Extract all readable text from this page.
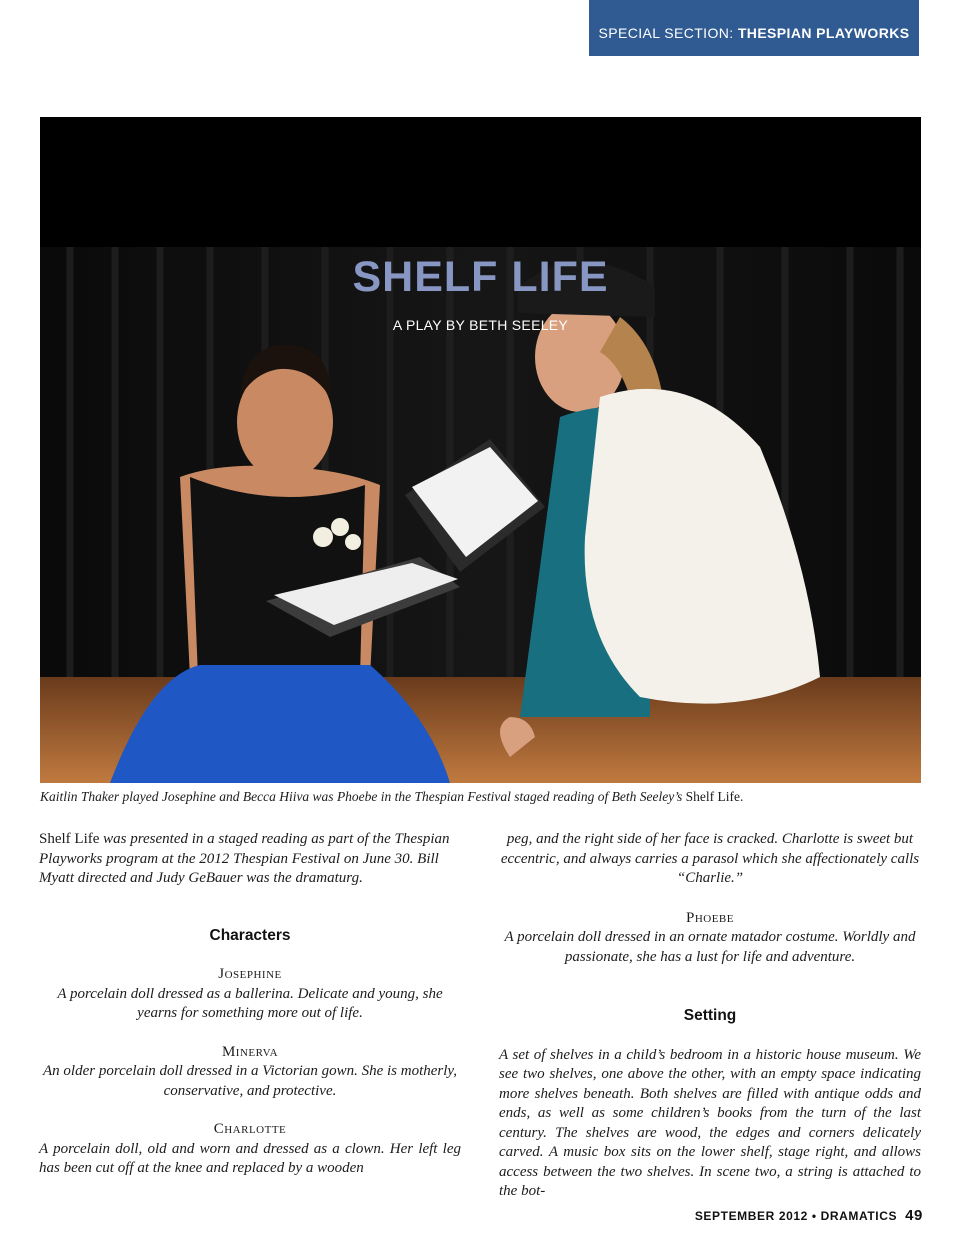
SPECIAL SECTION: THESPIAN PLAYWORKS
SHELF LIFE
A PLAY BY BETH SEELEY
Kaitlin Thaker played Josephine and Becca Hiiva was Phoebe in the Thespian Festival staged reading of Beth Seeley’s Shelf Life.

Shelf Life was presented in a staged reading as part of the Thespian Playworks program at the 2012 Thespian Festival on June 30. Bill Myatt directed and Judy GeBauer was the dramaturg.

Characters
Josephine

A porcelain doll dressed as a ballerina. Delicate and young, she yearns for something more out of life.

Minerva

An older porcelain doll dressed in a Victorian gown. She is motherly, conservative, and protective.

Charlotte

A porcelain doll, old and worn and dressed as a clown. Her left leg has been cut off at the knee and replaced by a wooden

peg, and the right side of her face is cracked. Charlotte is sweet but eccentric, and always carries a parasol which she affectionately calls “Charlie.”

Phoebe

A porcelain doll dressed in an ornate matador costume. Worldly and passionate, she has a lust for life and adventure.

Setting

A set of shelves in a child’s bedroom in a historic house museum. We see two shelves, one above the other, with an empty space indicating more shelves beneath. Both shelves are filled with antique odds and ends, as well as some children’s books from the turn of the last century. The shelves are wood, the edges and corners delicately carved. A music box sits on the lower shelf, stage right, and allows access between the two shelves. In scene two, a string is attached to the bot-

SEPTEMBER 2012 • DRAMATICS 49
